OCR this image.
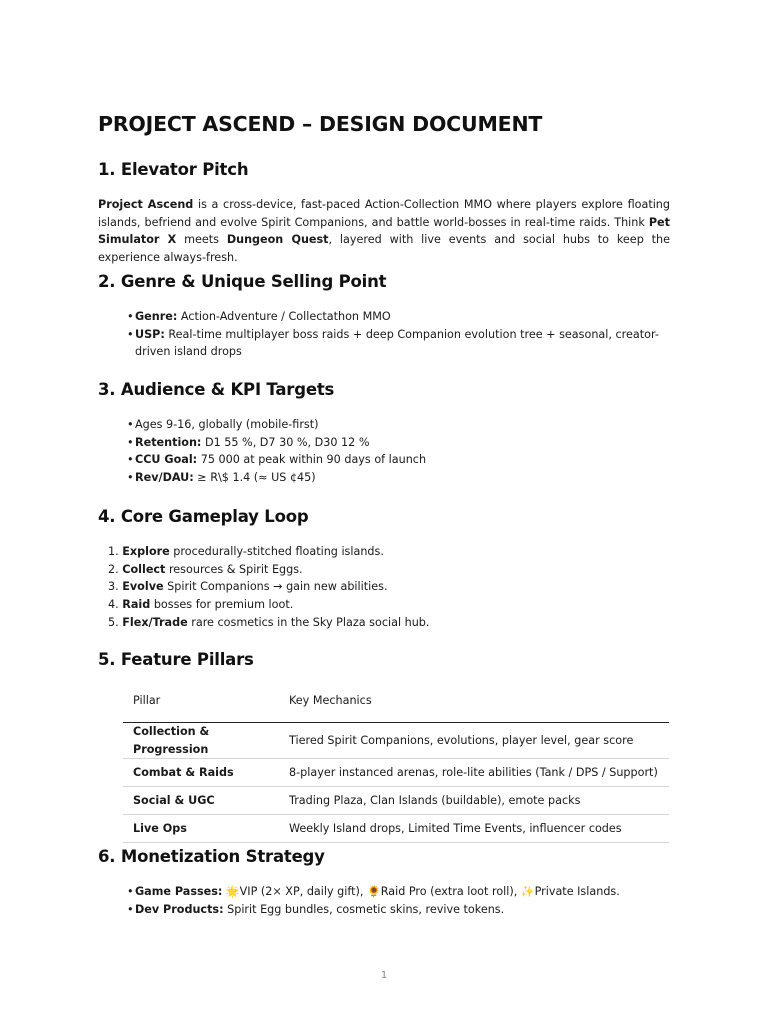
PROJECT ASCEND – DESIGN DOCUMENT
1. Elevator Pitch

Project Ascend is a cross-device, fast-paced Action-Collection MMO where players explore floating islands, befriend and evolve Spirit Companions, and battle world-bosses in real-time raids. Think Pet Simulator X meets Dungeon Quest, layered with live events and social hubs to keep the experience always-fresh.

2. Genre & Unique Selling Point
•Genre: Action-Adventure / Collectathon MMO
•USP: Real-time multiplayer boss raids + deep Companion evolution tree + seasonal, creator-driven island drops
3. Audience & KPI Targets
•Ages 9-16, globally (mobile-first)
•Retention: D1 55 %, D7 30 %, D30 12 %
•CCU Goal: 75 000 at peak within 90 days of launch
•Rev/DAU: ≥ R\$ 1.4 (≈ US ¢45)
4. Core Gameplay Loop
1. Explore procedurally-stitched floating islands.
2. Collect resources & Spirit Eggs.
3. Evolve Spirit Companions → gain new abilities.
4. Raid bosses for premium loot.
5. Flex/Trade rare cosmetics in the Sky Plaza social hub.
5. Feature Pillars
Pillar	Key Mechanics
Collection & Progression	Tiered Spirit Companions, evolutions, player level, gear score
Combat & Raids	8-player instanced arenas, role-lite abilities (Tank / DPS / Support)
Social & UGC	Trading Plaza, Clan Islands (buildable), emote packs
Live Ops	Weekly Island drops, Limited Time Events, influencer codes
6. Monetization Strategy
•Game Passes: 🌟VIP (2× XP, daily gift), 🌻Raid Pro (extra loot roll), ✨Private Islands.
•Dev Products: Spirit Egg bundles, cosmetic skins, revive tokens.
1
